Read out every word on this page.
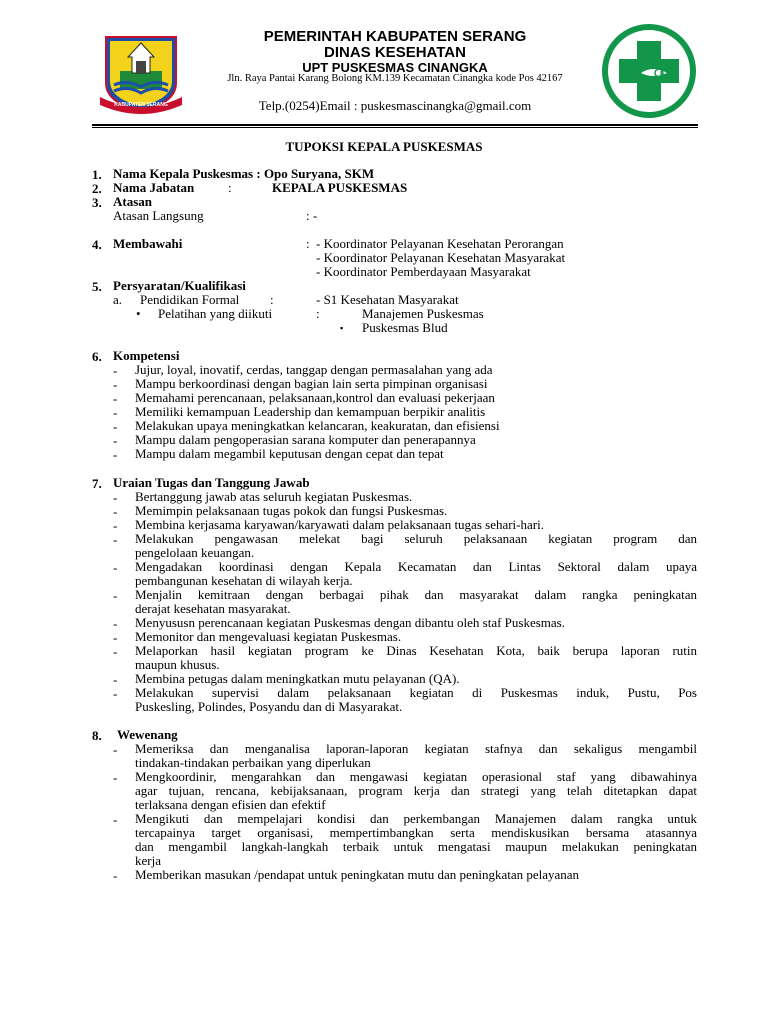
KABUPATEN SERANG
PEMERINTAH KABUPATEN SERANG
DINAS KESEHATAN
UPT PUSKESMAS CINANGKA
Jln. Raya Pantai Karang Bolong KM.139 Kecamatan Cinangka kode Pos 42167
Telp.(0254)Email : puskesmascinangka@gmail.com
TUPOKSI KEPALA PUSKESMAS
1. Nama Kepala Puskesmas : Opo Suryana, SKM
2. Nama Jabatan	:	KEPALA PUSKESMAS
3. Atasan
Atasan Langsung	: -
4. Membawahi	: - Koordinator Pelayanan Kesehatan Perorangan
- Koordinator Pelayanan Kesehatan Masyarakat
- Koordinator Pemberdayaan Masyarakat
5. Persyaratan/Kualifikasi
a. Pendidikan Formal :	- S1 Kesehatan Masyarakat
• Pelatihan yang diikuti	:	Manajemen Puskesmas
▪ Puskesmas Blud
6. Kompetensi
- Jujur, loyal, inovatif, cerdas, tanggap dengan permasalahan yang ada
- Mampu berkoordinasi dengan bagian lain serta pimpinan organisasi
- Memahami perencanaan, pelaksanaan,kontrol dan evaluasi pekerjaan
- Memiliki kemampuan Leadership dan kemampuan berpikir analitis
- Melakukan upaya meningkatkan kelancaran, keakuratan, dan efisiensi
- Mampu dalam pengoperasian sarana komputer dan penerapannya
- Mampu dalam megambil keputusan dengan cepat dan tepat
7. Uraian Tugas dan Tanggung Jawab
- Bertanggung jawab atas seluruh kegiatan Puskesmas.
- Memimpin pelaksanaan tugas pokok dan fungsi Puskesmas.
- Membina kerjasama karyawan/karyawati dalam pelaksanaan tugas sehari-hari.
- Melakukan pengawasan melekat bagi seluruh pelaksanaan kegiatan program dan
pengelolaan keuangan.
- Mengadakan koordinasi dengan Kepala Kecamatan dan Lintas Sektoral dalam upaya
pembangunan kesehatan di wilayah kerja.
- Menjalin kemitraan dengan berbagai pihak dan masyarakat dalam rangka peningkatan
derajat kesehatan masyarakat.
- Menyususn perencanaan kegiatan Puskesmas dengan dibantu oleh staf Puskesmas.
- Memonitor dan mengevaluasi kegiatan Puskesmas.
- Melaporkan hasil kegiatan program ke Dinas Kesehatan Kota, baik berupa laporan rutin
maupun khusus.
- Membina petugas dalam meningkatkan mutu pelayanan (QA).
- Melakukan supervisi dalam pelaksanaan kegiatan di Puskesmas induk, Pustu, Pos
Puskesling, Polindes, Posyandu dan di Masyarakat.
8. Wewenang
- Memeriksa dan menganalisa laporan-laporan kegiatan stafnya dan sekaligus mengambil
tindakan-tindakan perbaikan yang diperlukan
- Mengkoordinir, mengarahkan dan mengawasi kegiatan operasional staf yang dibawahinya
agar tujuan, rencana, kebijaksanaan, program kerja dan strategi yang telah ditetapkan dapat
terlaksana dengan efisien dan efektif
- Mengikuti dan mempelajari kondisi dan perkembangan Manajemen dalam rangka untuk
tercapainya target organisasi, mempertimbangkan serta mendiskusikan bersama atasannya
dan mengambil langkah-langkah terbaik untuk mengatasi maupun melakukan peningkatan
kerja
- Memberikan masukan /pendapat untuk peningkatan mutu dan peningkatan pelayanan
